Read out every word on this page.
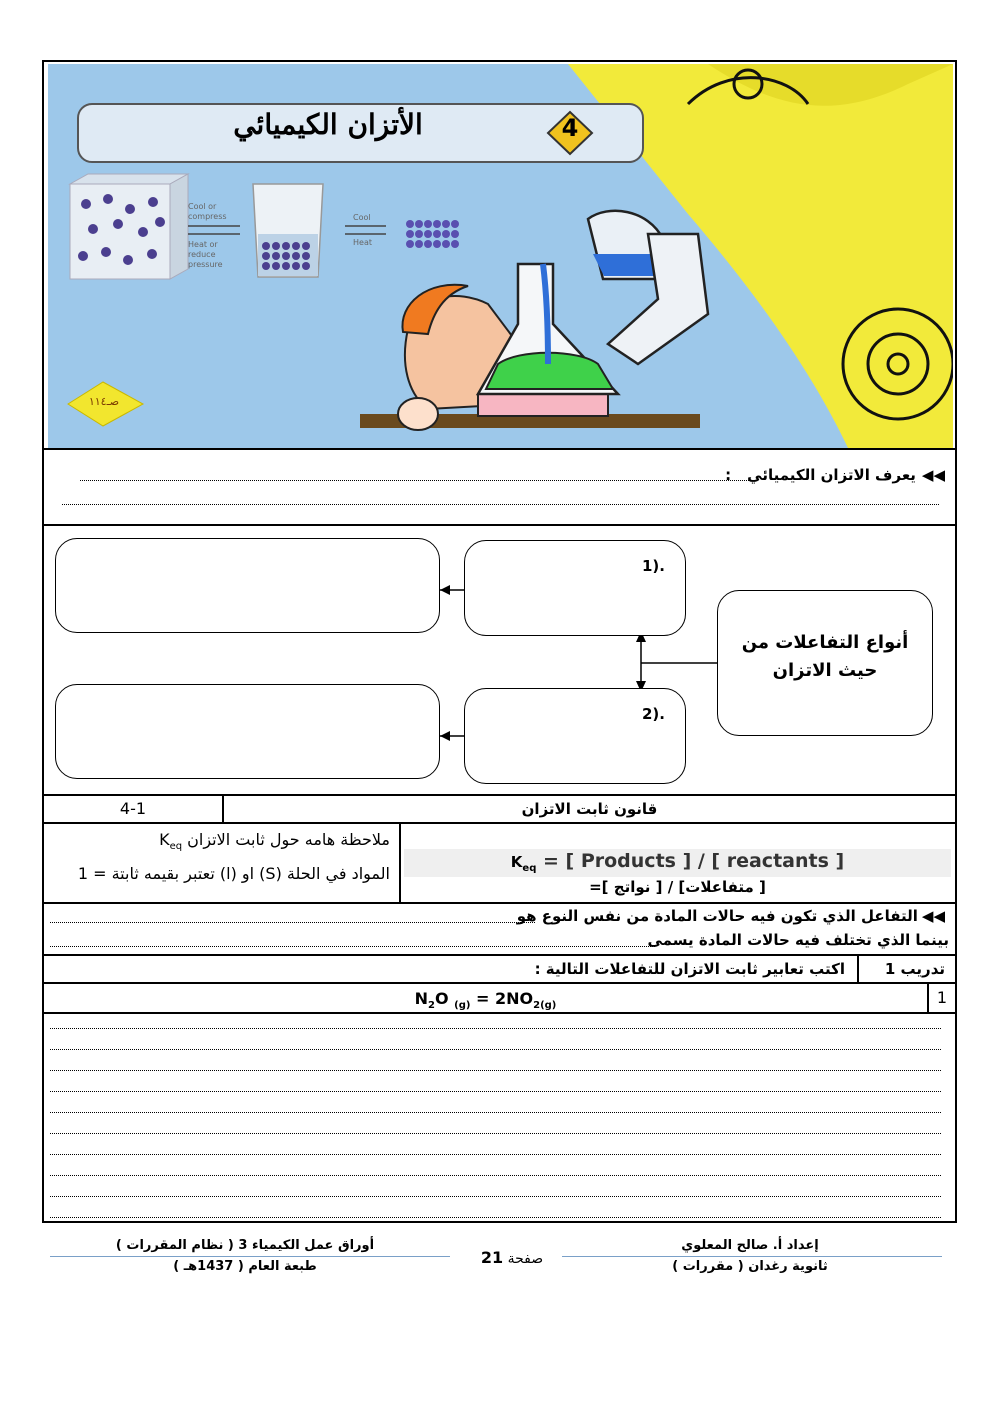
الأتزان الكيميائي	4
صـ١١٤
Cool or compress
Heat or reduce pressure
Cool
Heat
◀◀
يعرف الاتزان الكيميائي
:
1).
أنواع التفاعلات من حيث الاتزان
2).
قانون ثابت الاتزان
4-1
ملاحظة هامه حول ثابت الاتزان $K_{eq}$
المواد في الحلة (S) او (l) تعتبر بقيمه ثابتة = 1
$K_{eq}$ = [ Products ] / [ reactants ]
=[ نواتج ] / [متفاعلات ]
◀◀
التفاعل الذي تكون فيه حالات المادة من نفس النوع هو
بينما الذي تختلف فيه حالات المادة يسمى
تدريب 1
اكتب تعابير ثابت الاتزان للتفاعلات التالية :
1
$N_2O$ $_{(g)} = 2NO_{2(g)}$
أوراق عمل الكيمياء 3 ( نظام المقررات )
طبعة العام ( 1437هـ )	صفحة 21
إعداد أ. صالح المعلوي
ثانوية رغدان ( مقررات )
